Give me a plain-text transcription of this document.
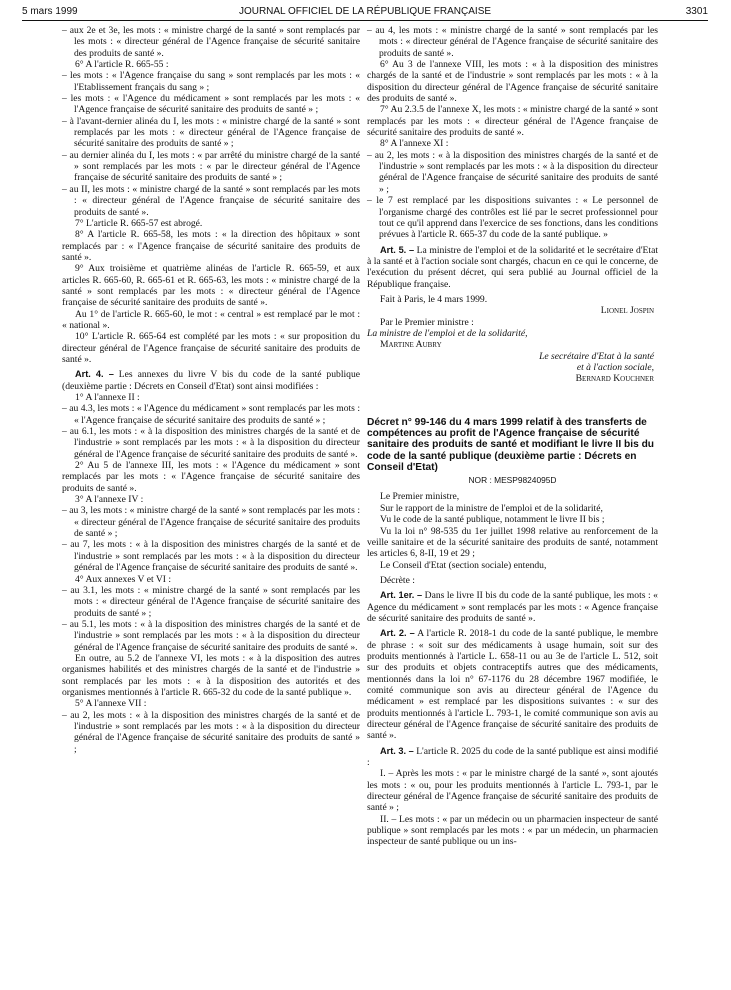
5 mars 1999	JOURNAL OFFICIEL DE LA RÉPUBLIQUE FRANÇAISE	3301

– aux 2e et 3e, les mots : « ministre chargé de la santé » sont remplacés par les mots : « directeur général de l'Agence française de sécurité sanitaire des produits de santé ».

6° A l'article R. 665-55 :

– les mots : « l'Agence française du sang » sont remplacés par les mots : « l'Etablissement français du sang » ;

– les mots : « l'Agence du médicament » sont remplacés par les mots : « l'Agence française de sécurité sanitaire des produits de santé » ;

– à l'avant-dernier alinéa du I, les mots : « ministre chargé de la santé » sont remplacés par les mots : « directeur général de l'Agence française de sécurité sanitaire des produits de santé » ;

– au dernier alinéa du I, les mots : « par arrêté du ministre chargé de la santé » sont remplacés par les mots : « par le directeur général de l'Agence française de sécurité sanitaire des produits de santé » ;

– au II, les mots : « ministre chargé de la santé » sont remplacés par les mots : « directeur général de l'Agence française de sécurité sanitaire des produits de santé ».

7° L'article R. 665-57 est abrogé.

8° A l'article R. 665-58, les mots : « la direction des hôpitaux » sont remplacés par : « l'Agence française de sécurité sanitaire des produits de santé ».

9° Aux troisième et quatrième alinéas de l'article R. 665-59, et aux articles R. 665-60, R. 665-61 et R. 665-63, les mots : « ministre chargé de la santé » sont remplacés par les mots : « directeur général de l'Agence française de sécurité sanitaire des produits de santé ».

Au 1° de l'article R. 665-60, le mot : « central » est remplacé par le mot : « national ».

10° L'article R. 665-64 est complété par les mots : « sur proposition du directeur général de l'Agence française de sécurité sanitaire des produits de santé ».

Art. 4. – Les annexes du livre V bis du code de la santé publique (deuxième partie : Décrets en Conseil d'Etat) sont ainsi modifiées :

1° A l'annexe II :

– au 4.3, les mots : « l'Agence du médicament » sont remplacés par les mots : « l'Agence française de sécurité sanitaire des produits de santé » ;

– au 6.1, les mots : « à la disposition des ministres chargés de la santé et de l'industrie » sont remplacés par les mots : « à la disposition du directeur général de l'Agence française de sécurité sanitaire des produits de santé ».

2° Au 5 de l'annexe III, les mots : « l'Agence du médicament » sont remplacés par les mots : « l'Agence française de sécurité sanitaire des produits de santé ».

3° A l'annexe IV :

– au 3, les mots : « ministre chargé de la santé » sont remplacés par les mots : « directeur général de l'Agence française de sécurité sanitaire des produits de santé » ;

– au 7, les mots : « à la disposition des ministres chargés de la santé et de l'industrie » sont remplacés par les mots : « à la disposition du directeur général de l'Agence française de sécurité sanitaire des produits de santé ».

4° Aux annexes V et VI :

– au 3.1, les mots : « ministre chargé de la santé » sont remplacés par les mots : « directeur général de l'Agence française de sécurité sanitaire des produits de santé » ;

– au 5.1, les mots : « à la disposition des ministres chargés de la santé et de l'industrie » sont remplacés par les mots : « à la disposition du directeur général de l'Agence française de sécurité sanitaire des produits de santé ».

En outre, au 5.2 de l'annexe VI, les mots : « à la disposition des autres organismes habilités et des ministres chargés de la santé et de l'industrie » sont remplacés par les mots : « à la disposition des autorités et des organismes mentionnés à l'article R. 665-32 du code de la santé publique ».

5° A l'annexe VII :

– au 2, les mots : « à la disposition des ministres chargés de la santé et de l'industrie » sont remplacés par les mots : « à la disposition du directeur général de l'Agence française de sécurité sanitaire des produits de santé » ;

– au 4, les mots : « ministre chargé de la santé » sont remplacés par les mots : « directeur général de l'Agence française de sécurité sanitaire des produits de santé ».

6° Au 3 de l'annexe VIII, les mots : « à la disposition des ministres chargés de la santé et de l'industrie » sont remplacés par les mots : « à la disposition du directeur général de l'Agence française de sécurité sanitaire des produits de santé ».

7° Au 2.3.5 de l'annexe X, les mots : « ministre chargé de la santé » sont remplacés par les mots : « directeur général de l'Agence française de sécurité sanitaire des produits de santé ».

8° A l'annexe XI :

– au 2, les mots : « à la disposition des ministres chargés de la santé et de l'industrie » sont remplacés par les mots : « à la disposition du directeur général de l'Agence française de sécurité sanitaire des produits de santé » ;

– le 7 est remplacé par les dispositions suivantes : « Le personnel de l'organisme chargé des contrôles est lié par le secret professionnel pour tout ce qu'il apprend dans l'exercice de ses fonctions, dans les conditions prévues à l'article R. 665-37 du code de la santé publique. »

Art. 5. – La ministre de l'emploi et de la solidarité et le secrétaire d'Etat à la santé et à l'action sociale sont chargés, chacun en ce qui le concerne, de l'exécution du présent décret, qui sera publié au Journal officiel de la République française.

Fait à Paris, le 4 mars 1999.

Lionel Jospin

Par le Premier ministre :

La ministre de l'emploi et de la solidarité,

Martine Aubry

Le secrétaire d'Etat à la santé

et à l'action sociale,

Bernard Kouchner

Décret n° 99-146 du 4 mars 1999 relatif à des transferts de compétences au profit de l'Agence française de sécurité sanitaire des produits de santé et modifiant le livre II bis du code de la santé publique (deuxième partie : Décrets en Conseil d'Etat)

NOR : MESP9824095D

Le Premier ministre,

Sur le rapport de la ministre de l'emploi et de la solidarité,

Vu le code de la santé publique, notamment le livre II bis ;

Vu la loi n° 98-535 du 1er juillet 1998 relative au renforcement de la veille sanitaire et de la sécurité sanitaire des produits de santé, notamment les articles 6, 8-II, 19 et 29 ;

Le Conseil d'Etat (section sociale) entendu,

Décrète :

Art. 1er. – Dans le livre II bis du code de la santé publique, les mots : « Agence du médicament » sont remplacés par les mots : « Agence française de sécurité sanitaire des produits de santé ».

Art. 2. – A l'article R. 2018-1 du code de la santé publique, le membre de phrase : « soit sur des médicaments à usage humain, soit sur des produits mentionnés à l'article L. 658-11 ou au 3e de l'article L. 512, soit sur des produits et objets contraceptifs autres que des médicaments, mentionnés dans la loi n° 67-1176 du 28 décembre 1967 modifiée, le comité communique son avis au directeur général de l'Agence du médicament » est remplacé par les dispositions suivantes : « sur des produits mentionnés à l'article L. 793-1, le comité communique son avis au directeur général de l'Agence française de sécurité sanitaire des produits de santé ».

Art. 3. – L'article R. 2025 du code de la santé publique est ainsi modifié :

I. – Après les mots : « par le ministre chargé de la santé », sont ajoutés les mots : « ou, pour les produits mentionnés à l'article L. 793-1, par le directeur général de l'Agence française de sécurité sanitaire des produits de santé » ;

II. – Les mots : « par un médecin ou un pharmacien inspecteur de santé publique » sont remplacés par les mots : « par un médecin, un pharmacien inspecteur de santé publique ou un ins-
